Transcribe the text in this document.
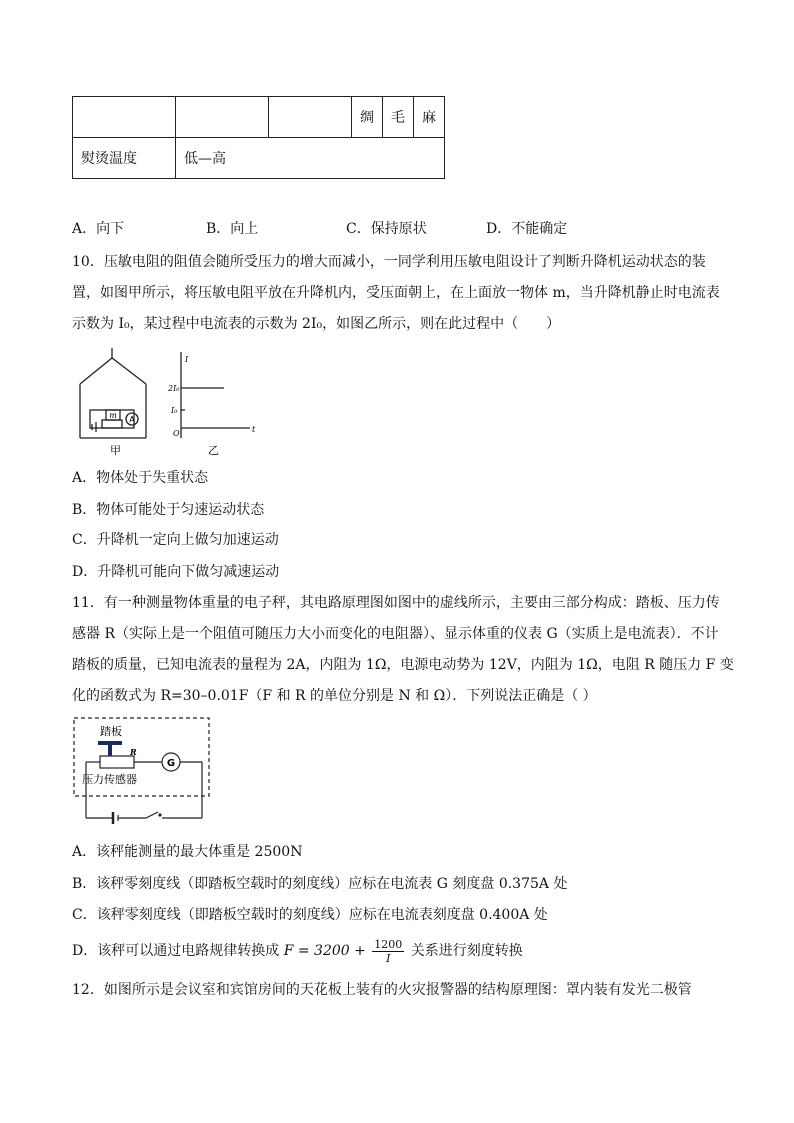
			绸	毛	麻
熨烫温度	低—高				
A．向下	B．向上	C．保持原状	D．不能确定
10．压敏电阻的阻值会随所受压力的增大而减小，一同学利用压敏电阻设计了判断升降机运动状态的装
置，如图甲所示，将压敏电阻平放在升降机内，受压面朝上，在上面放一物体 m，当升降机静止时电流表
示数为 I₀，某过程中电流表的示数为 2I₀，如图乙所示，则在此过程中（　　）
m A
甲
I
t
2I₀
I₀
O
乙
A．物体处于失重状态
B．物体可能处于匀速运动状态
C．升降机一定向上做匀加速运动
D．升降机可能向下做匀减速运动
11．有一种测量物体重量的电子秤，其电路原理图如图中的虚线所示，主要由三部分构成：踏板、压力传
感器 R（实际上是一个阻值可随压力大小而变化的电阻器）、显示体重的仪表 G（实质上是电流表）．不计
踏板的质量，已知电流表的量程为 2A，内阻为 1Ω，电源电动势为 12V，内阻为 1Ω，电阻 R 随压力 F 变
化的函数式为 R=30–0.01F（F 和 R 的单位分别是 N 和 Ω）．下列说法正确是（ ）
踏板
R
G
压力传感器
A．该秤能测量的最大体重是 2500N
B．该秤零刻度线（即踏板空载时的刻度线）应标在电流表 G 刻度盘 0.375A 处
C．该秤零刻度线（即踏板空载时的刻度线）应标在电流表刻度盘 0.400A 处
D．该秤可以通过电路规律转换成 $F = 3200 + \frac{1200}{I}$ 关系进行刻度转换
12．如图所示是会议室和宾馆房间的天花板上装有的火灾报警器的结构原理图：罩内装有发光二极管
